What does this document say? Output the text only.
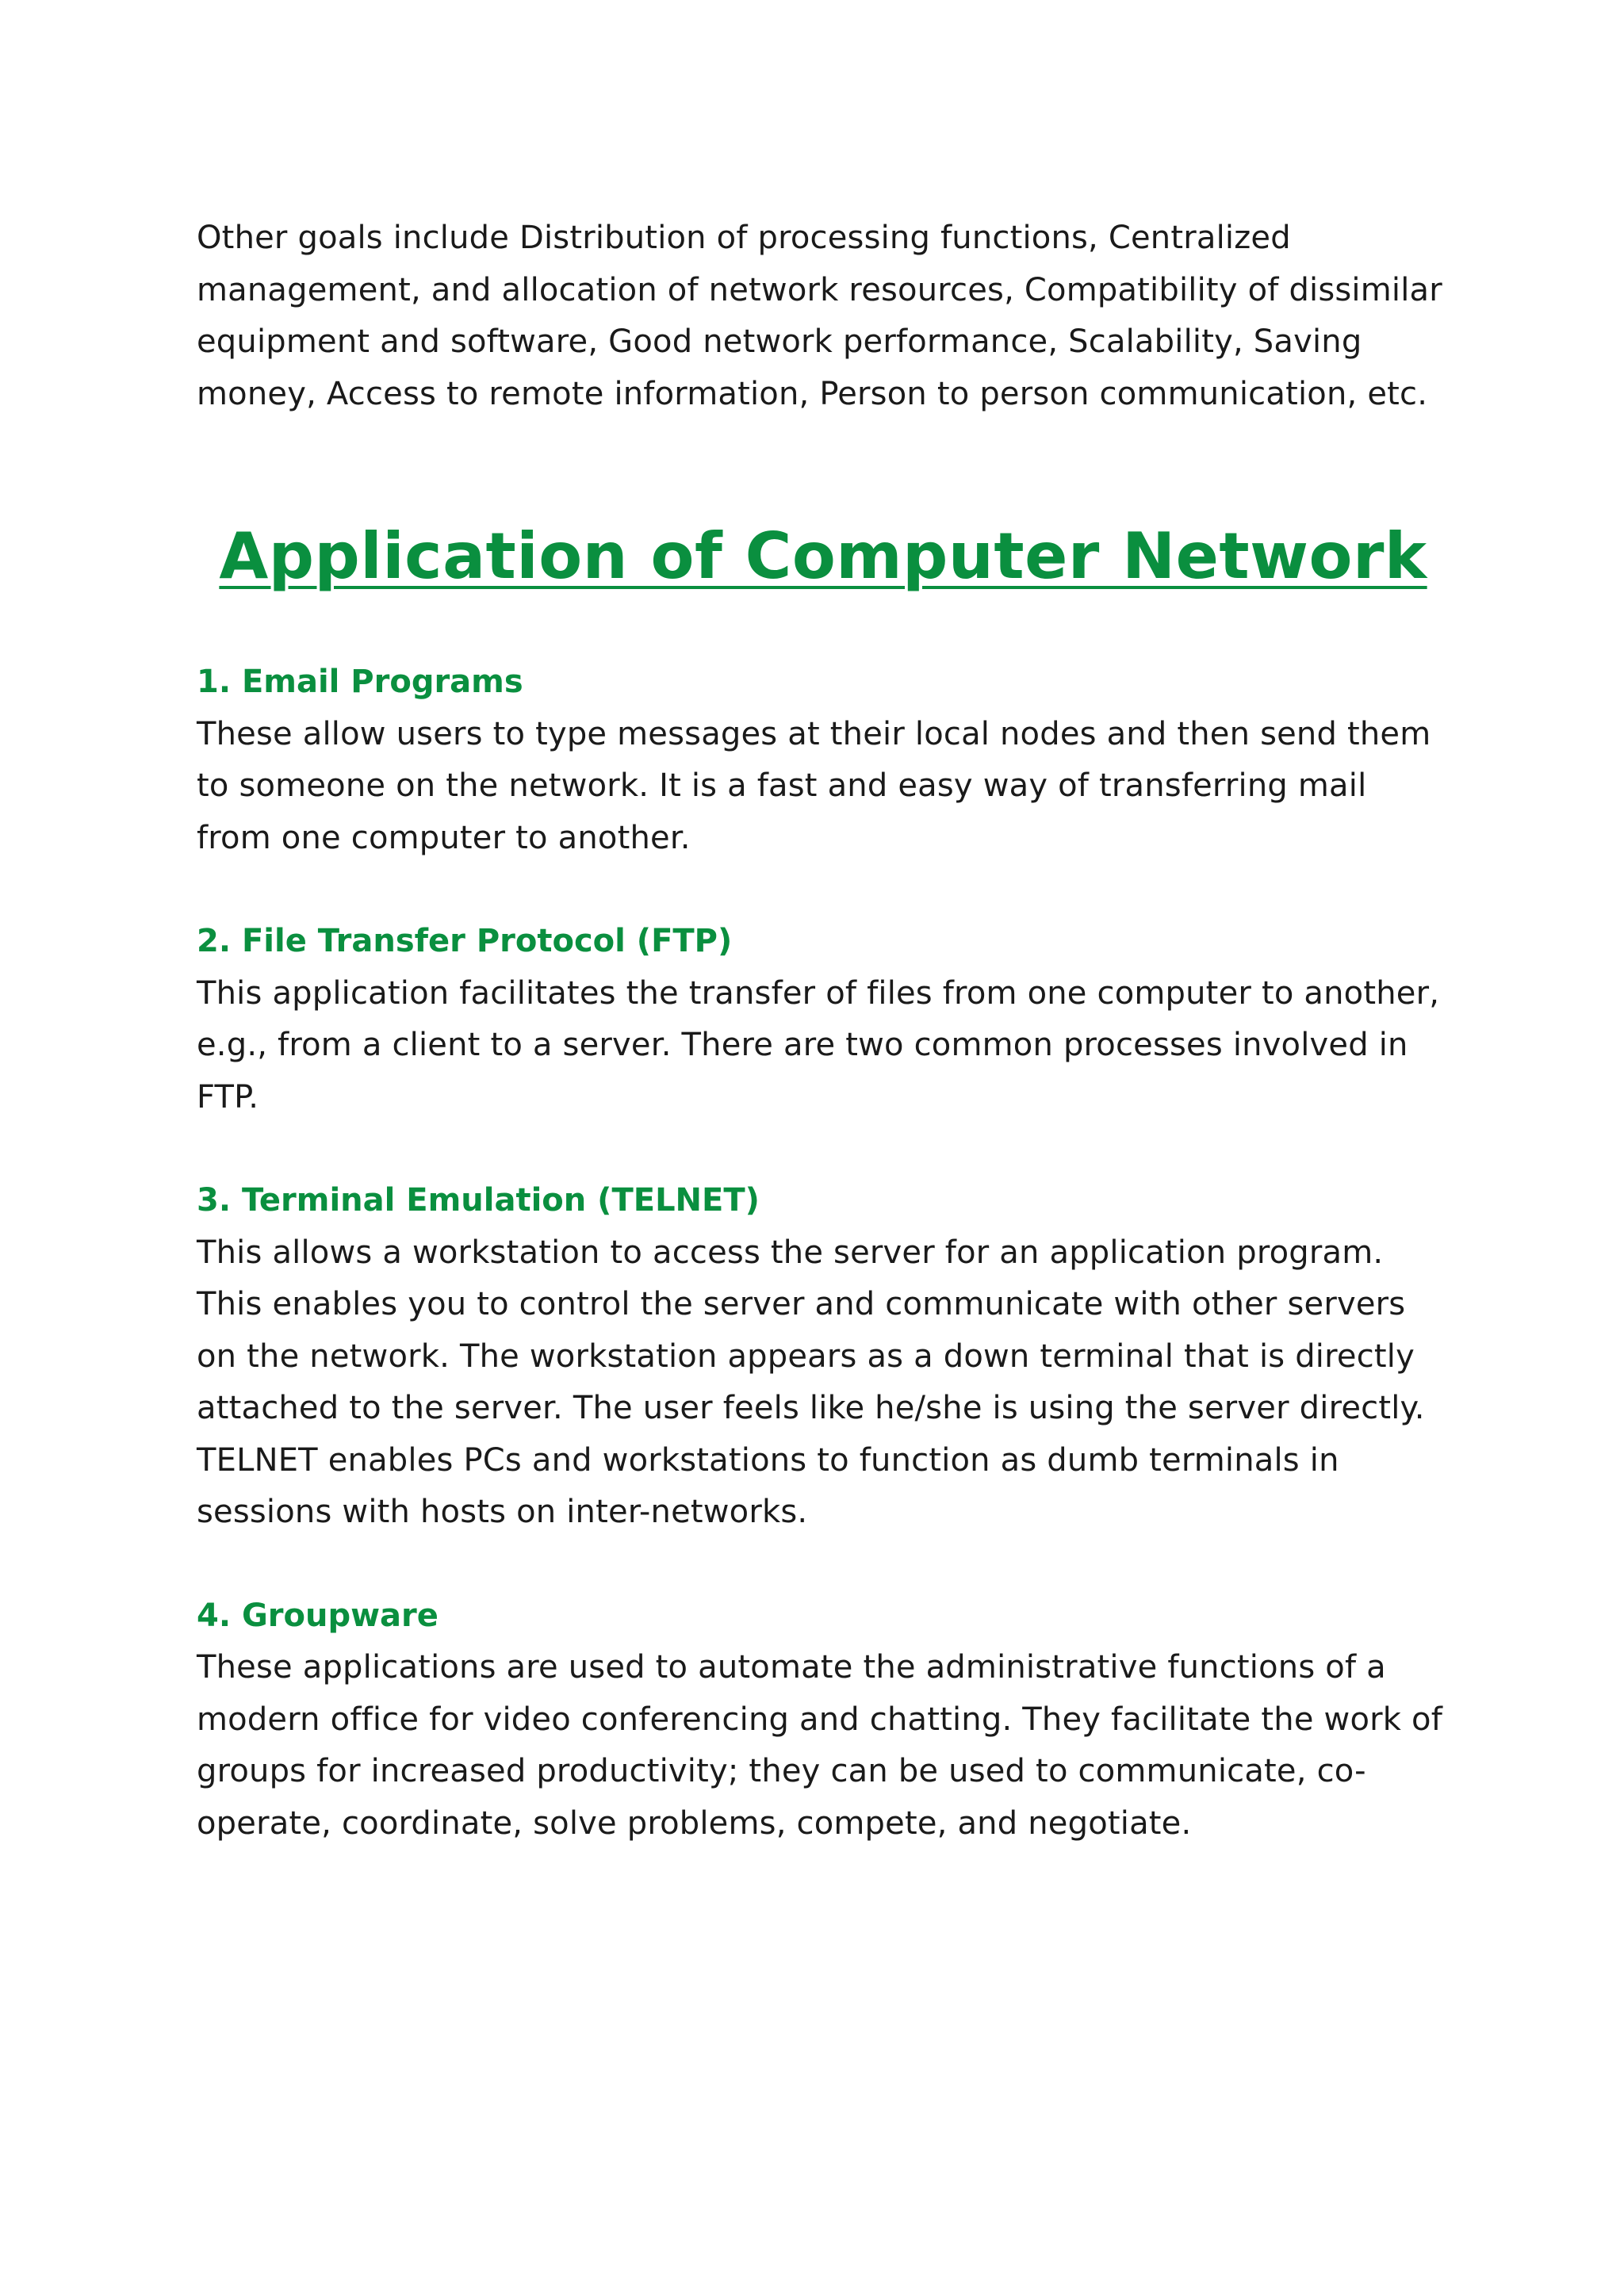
Other goals include Distribution of processing functions, Centralized management, and allocation of network resources, Compatibility of dissimilar equipment and software, Good network performance, Scalability, Saving money, Access to remote information, Person to person communication, etc.

Application of Computer Network
1. Email Programs

These allow users to type messages at their local nodes and then send them to someone on the network. It is a fast and easy way of transferring mail from one computer to another.

2. File Transfer Protocol (FTP)

This application facilitates the transfer of files from one computer to another, e.g., from a client to a server. There are two common processes involved in FTP.

3. Terminal Emulation (TELNET)

This allows a workstation to access the server for an application program. This enables you to control the server and communicate with other servers on the network. The workstation appears as a down terminal that is directly attached to the server. The user feels like he/she is using the server directly. TELNET enables PCs and workstations to function as dumb terminals in sessions with hosts on inter-networks.

4. Groupware

These applications are used to automate the administrative functions of a modern office for video conferencing and chatting. They facilitate the work of groups for increased productivity; they can be used to communicate, co-operate, coordinate, solve problems, compete, and negotiate.
